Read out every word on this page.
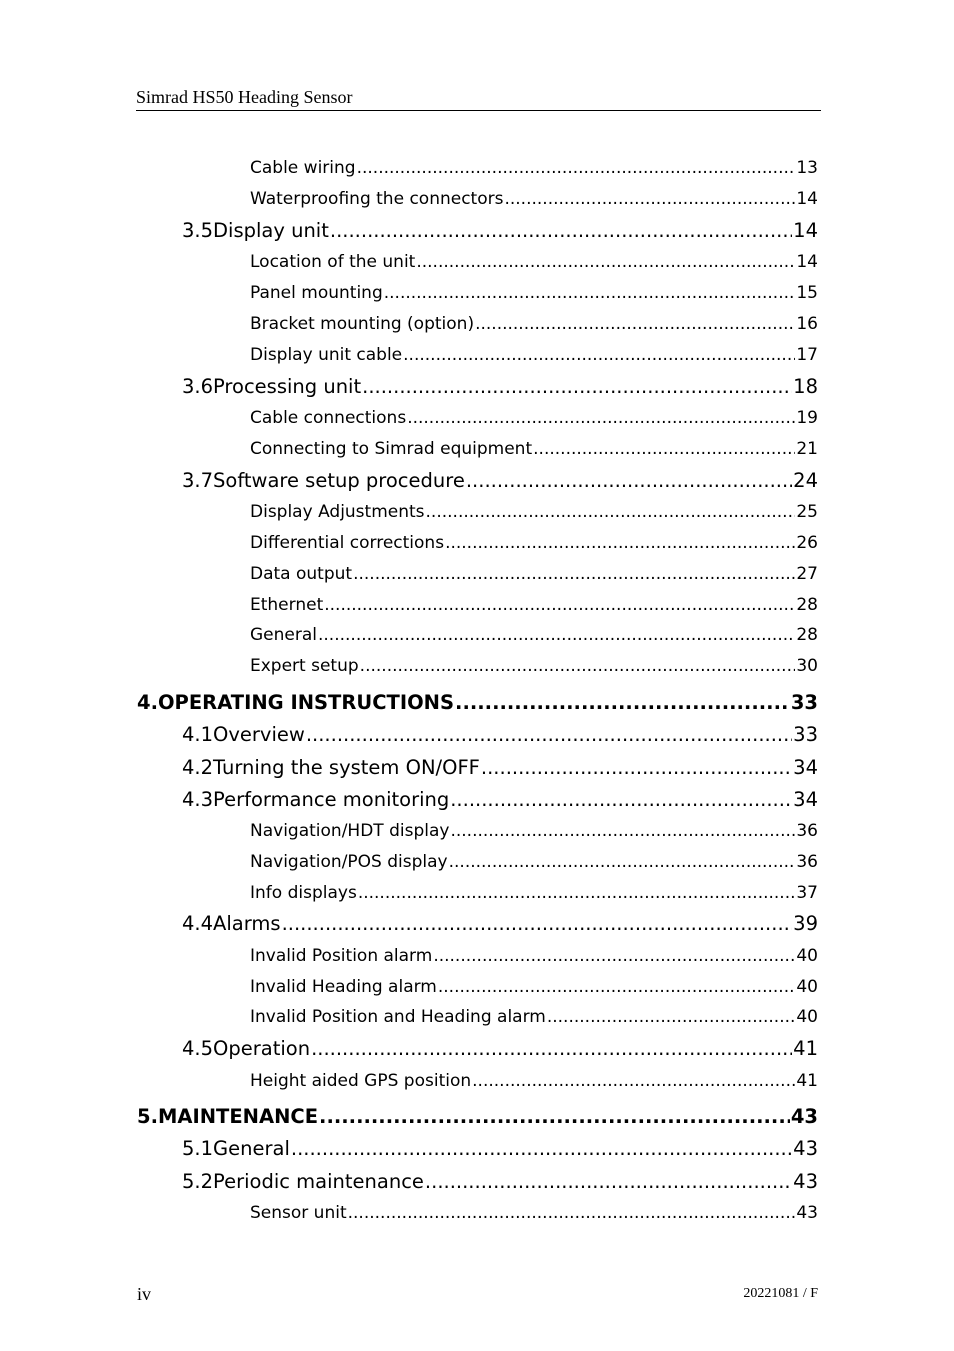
Simrad HS50 Heading Sensor
Cable wiring .....	13
Waterproofing the connectors .....	14
3.5 Display unit .....	14
Location of the unit .....	14
Panel mounting .....	15
Bracket mounting (option) .....	16
Display unit cable .....	17
3.6 Processing unit .....	18
Cable connections .....	19
Connecting to Simrad equipment .....	21
3.7 Software setup procedure .....	24
Display Adjustments .....	25
Differential corrections .....	26
Data output .....	27
Ethernet .....	28
General .....	28
Expert setup .....	30
4. OPERATING INSTRUCTIONS .....	33
4.1 Overview .....	33
4.2 Turning the system ON/OFF .....	34
4.3 Performance monitoring .....	34
Navigation/HDT display .....	36
Navigation/POS display .....	36
Info displays .....	37
4.4 Alarms .....	39
Invalid Position alarm .....	40
Invalid Heading alarm .....	40
Invalid Position and Heading alarm .....	40
4.5 Operation .....	41
Height aided GPS position .....	41
5. MAINTENANCE .....	43
5.1 General .....	43
5.2 Periodic maintenance .....	43
Sensor unit .....	43
iv	20221081 / F
